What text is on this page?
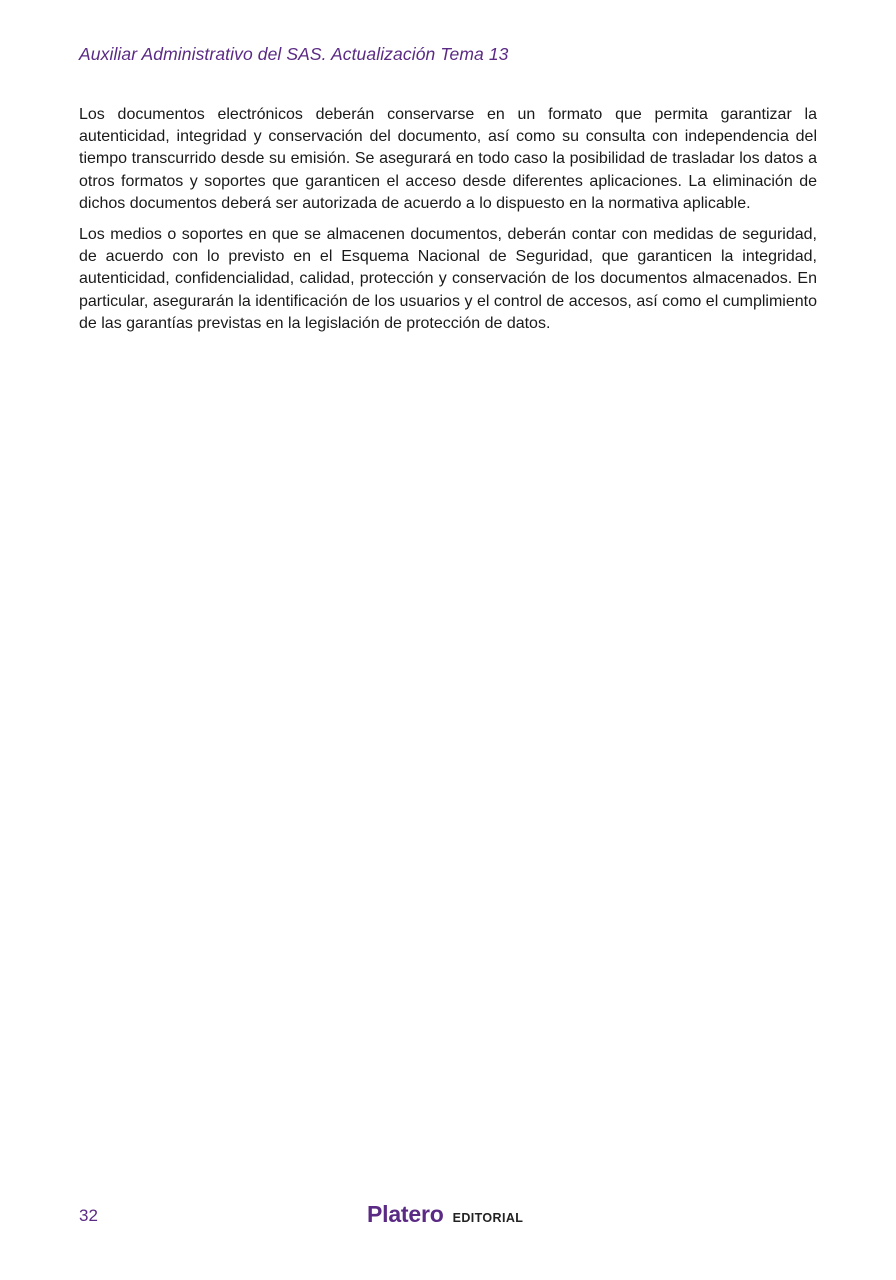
Auxiliar Administrativo del SAS. Actualización Tema 13

Los documentos electrónicos deberán conservarse en un formato que permita garantizar la autenticidad, integridad y conservación del documento, así como su consulta con independencia del tiempo transcurrido desde su emisión. Se asegurará en todo caso la posibilidad de trasladar los datos a otros formatos y soportes que garanticen el acceso desde diferentes aplicaciones. La eliminación de dichos documentos deberá ser autorizada de acuerdo a lo dispuesto en la normativa aplicable.

Los medios o soportes en que se almacenen documentos, deberán contar con medidas de seguridad, de acuerdo con lo previsto en el Esquema Nacional de Seguridad, que garanticen la integridad, autenticidad, confidencialidad, calidad, protección y conservación de los documentos almacenados. En particular, asegurarán la identificación de los usuarios y el control de accesos, así como el cumplimiento de las garantías previstas en la legislación de protección de datos.

32	Platero EDITORIAL
